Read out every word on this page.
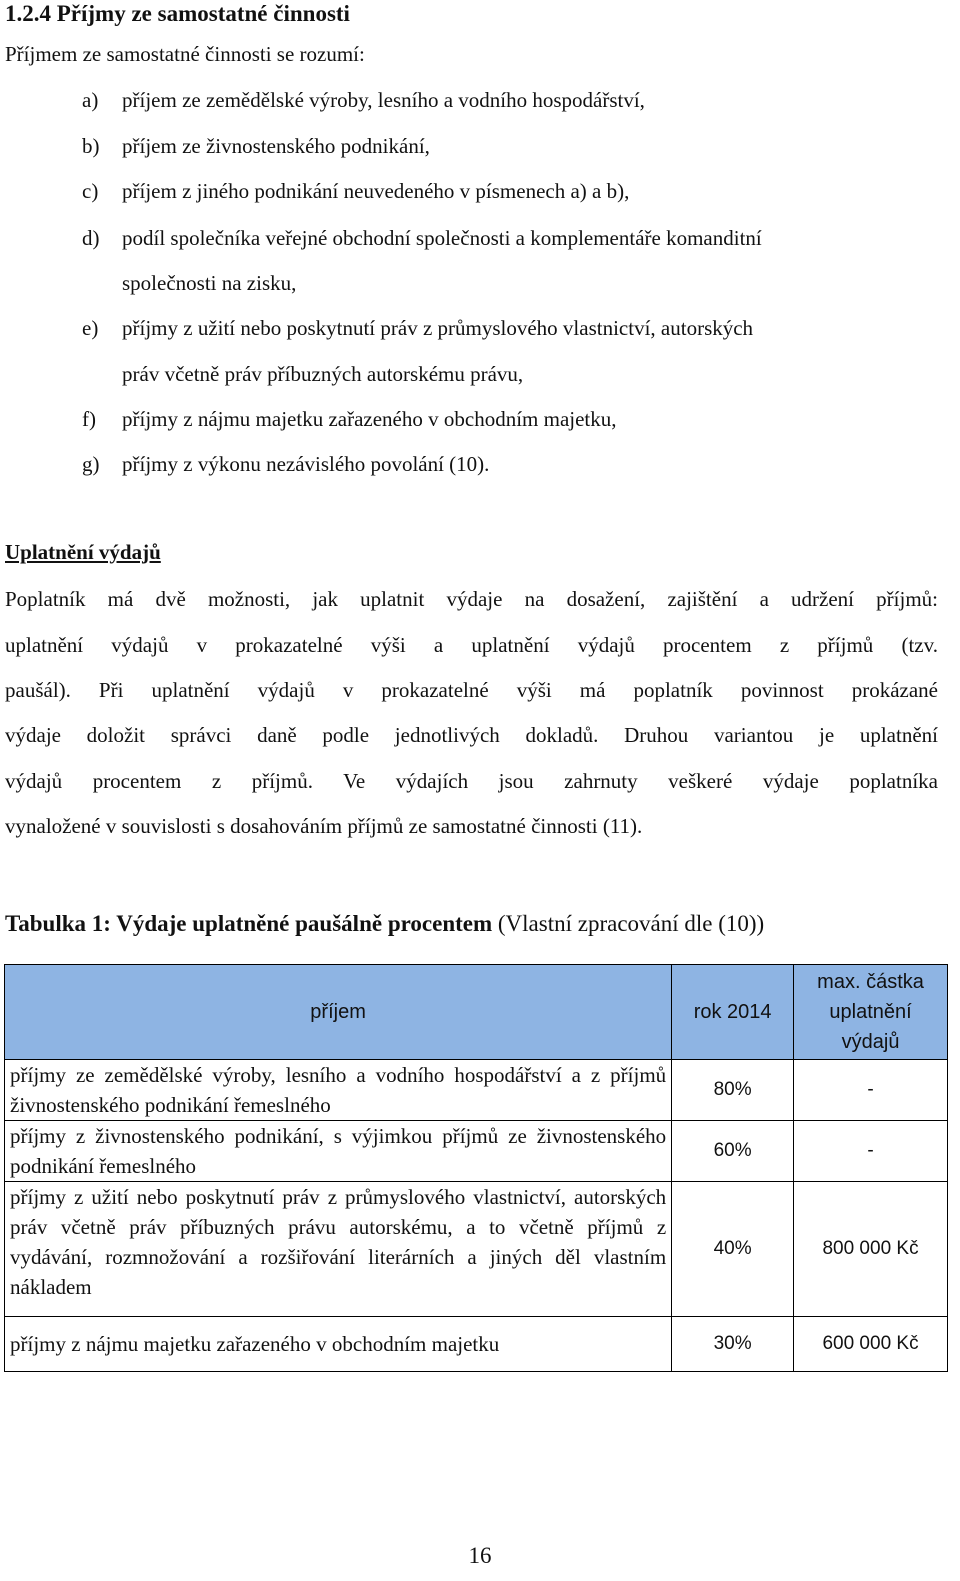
1.2.4 Příjmy ze samostatné činnosti
Příjmem ze samostatné činnosti se rozumí:
a) příjem ze zemědělské výroby, lesního a vodního hospodářství,
b) příjem ze živnostenského podnikání,
c) příjem z jiného podnikání neuvedeného v písmenech a) a b),
d) podíl společníka veřejné obchodní společnosti a komplementáře komanditní
společnosti na zisku,
e) příjmy z užití nebo poskytnutí práv z průmyslového vlastnictví, autorských
práv včetně práv příbuzných autorskému právu,
f) příjmy z nájmu majetku zařazeného v obchodním majetku,
g) příjmy z výkonu nezávislého povolání (10).
Uplatnění výdajů
Poplatník má dvě možnosti, jak uplatnit výdaje na dosažení, zajištění a udržení příjmů:
uplatnění výdajů v prokazatelné výši a uplatnění výdajů procentem z příjmů (tzv.
paušál). Při uplatnění výdajů v prokazatelné výši má poplatník povinnost prokázané
výdaje doložit správci daně podle jednotlivých dokladů. Druhou variantou je uplatnění
výdajů procentem z příjmů. Ve výdajích jsou zahrnuty veškeré výdaje poplatníka
vynaložené v souvislosti s dosahováním příjmů ze samostatné činnosti (11).
Tabulka 1: Výdaje uplatněné paušálně procentem (Vlastní zpracování dle (10))
příjem	rok 2014	max. částka uplatnění výdajů
příjmy ze zemědělské výroby, lesního a vodního hospodářství a z příjmů živnostenského podnikání řemeslného	80%	-
příjmy z živnostenského podnikání, s výjimkou příjmů ze živnostenského podnikání řemeslného	60%	-
příjmy z užití nebo poskytnutí práv z průmyslového vlastnictví, autorských práv včetně práv příbuzných právu autorskému, a to včetně příjmů z vydávání, rozmnožování a rozšiřování literárních a jiných děl vlastním nákladem	40%	800 000 Kč
příjmy z nájmu majetku zařazeného v obchodním majetku	30%	600 000 Kč
16
